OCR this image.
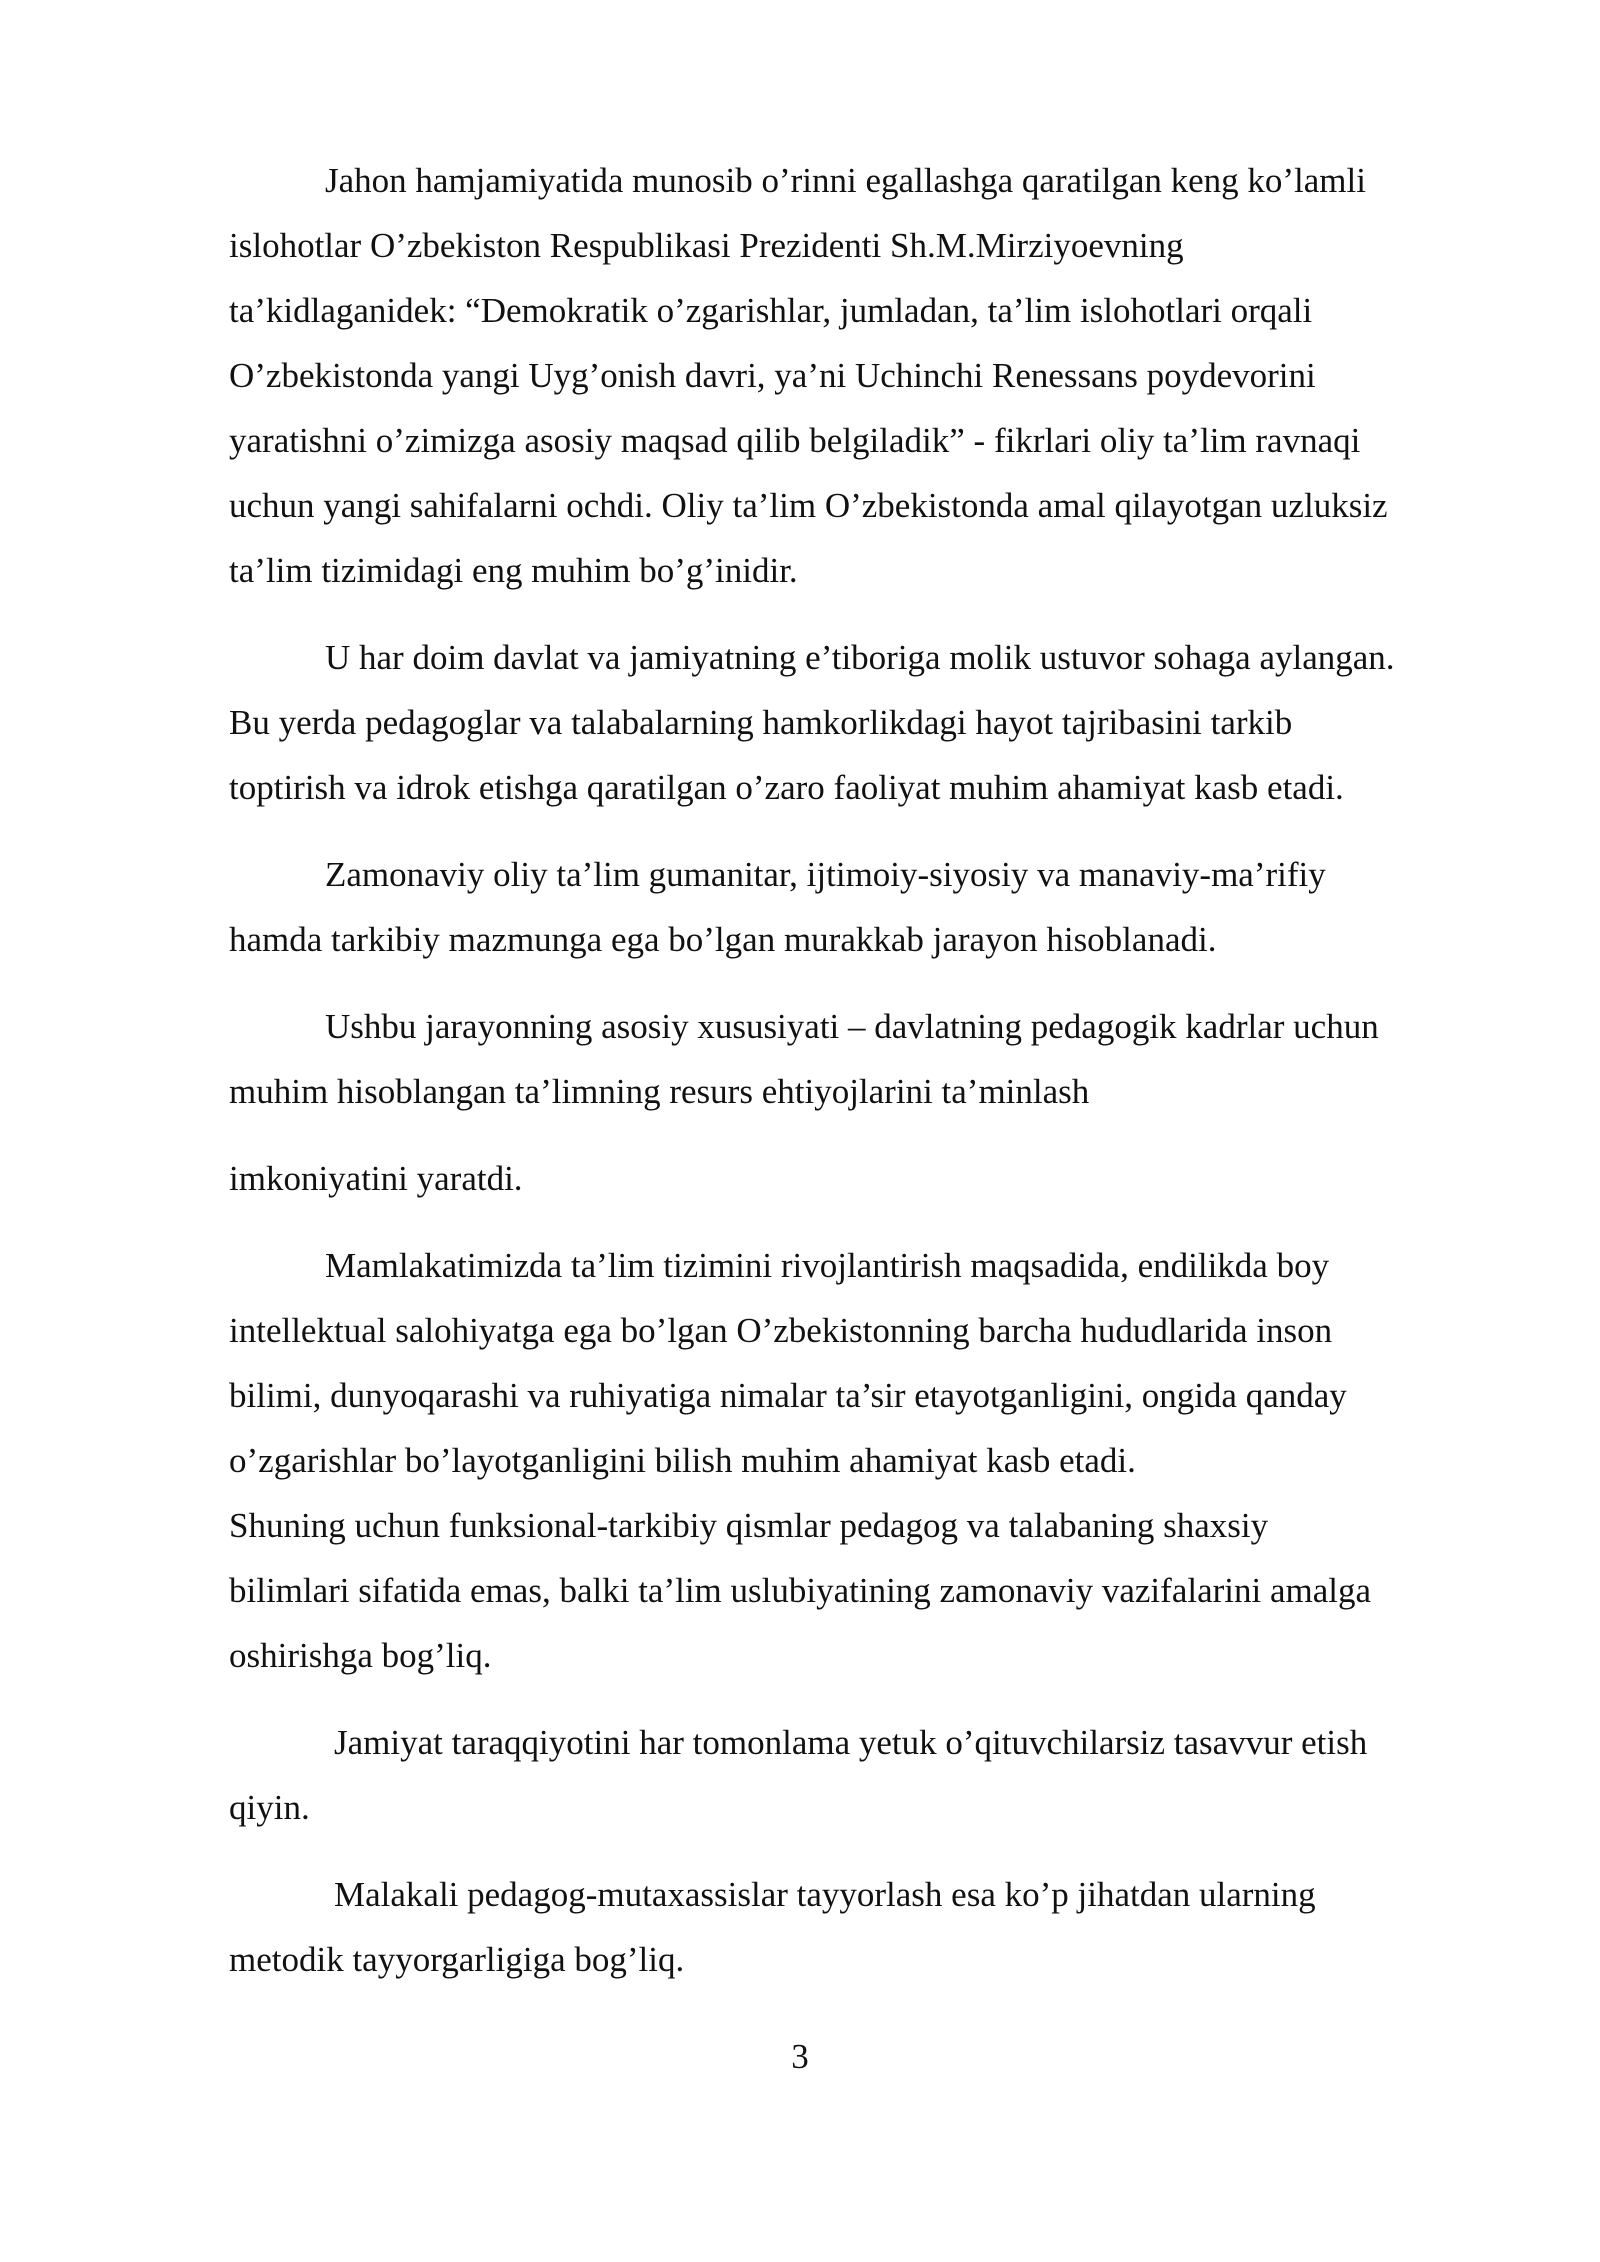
Jahon hamjamiyatida munosib o’rinni egallashga qaratilgan keng ko’lamli
islohotlar O’zbekiston Respublikasi Prezidenti Sh.M.Mirziyoevning
ta’kidlaganidek: “Demokratik o’zgarishlar, jumladan, ta’lim islohotlari orqali
O’zbekistonda yangi Uyg’onish davri, ya’ni Uchinchi Renessans poydevorini
yaratishni o’zimizga asosiy maqsad qilib belgiladik” - fikrlari oliy ta’lim ravnaqi
uchun yangi sahifalarni ochdi. Oliy ta’lim O’zbekistonda amal qilayotgan uzluksiz
ta’lim tizimidagi eng muhim bo’g’inidir.

U har doim davlat va jamiyatning e’tiboriga molik ustuvor sohaga aylangan.
Bu yerda pedagoglar va talabalarning hamkorlikdagi hayot tajribasini tarkib
toptirish va idrok etishga qaratilgan o’zaro faoliyat muhim ahamiyat kasb etadi.

Zamonaviy oliy ta’lim gumanitar, ijtimoiy-siyosiy va manaviy-ma’rifiy
hamda tarkibiy mazmunga ega bo’lgan murakkab jarayon hisoblanadi.

Ushbu jarayonning asosiy xususiyati – davlatning pedagogik kadrlar uchun
muhim hisoblangan ta’limning resurs ehtiyojlarini ta’minlash

imkoniyatini yaratdi.

Mamlakatimizda ta’lim tizimini rivojlantirish maqsadida, endilikda boy
intellektual salohiyatga ega bo’lgan O’zbekistonning barcha hududlarida inson
bilimi, dunyoqarashi va ruhiyatiga nimalar ta’sir etayotganligini, ongida qanday
o’zgarishlar bo’layotganligini bilish muhim ahamiyat kasb etadi.

Shuning uchun funksional-tarkibiy qismlar pedagog va talabaning shaxsiy
bilimlari sifatida emas, balki ta’lim uslubiyatining zamonaviy vazifalarini amalga
oshirishga bog’liq.

Jamiyat taraqqiyotini har tomonlama yetuk o’qituvchilarsiz tasavvur etish
qiyin.

Malakali pedagog-mutaxassislar tayyorlash esa ko’p jihatdan ularning
metodik tayyorgarligiga bog’liq.

3
